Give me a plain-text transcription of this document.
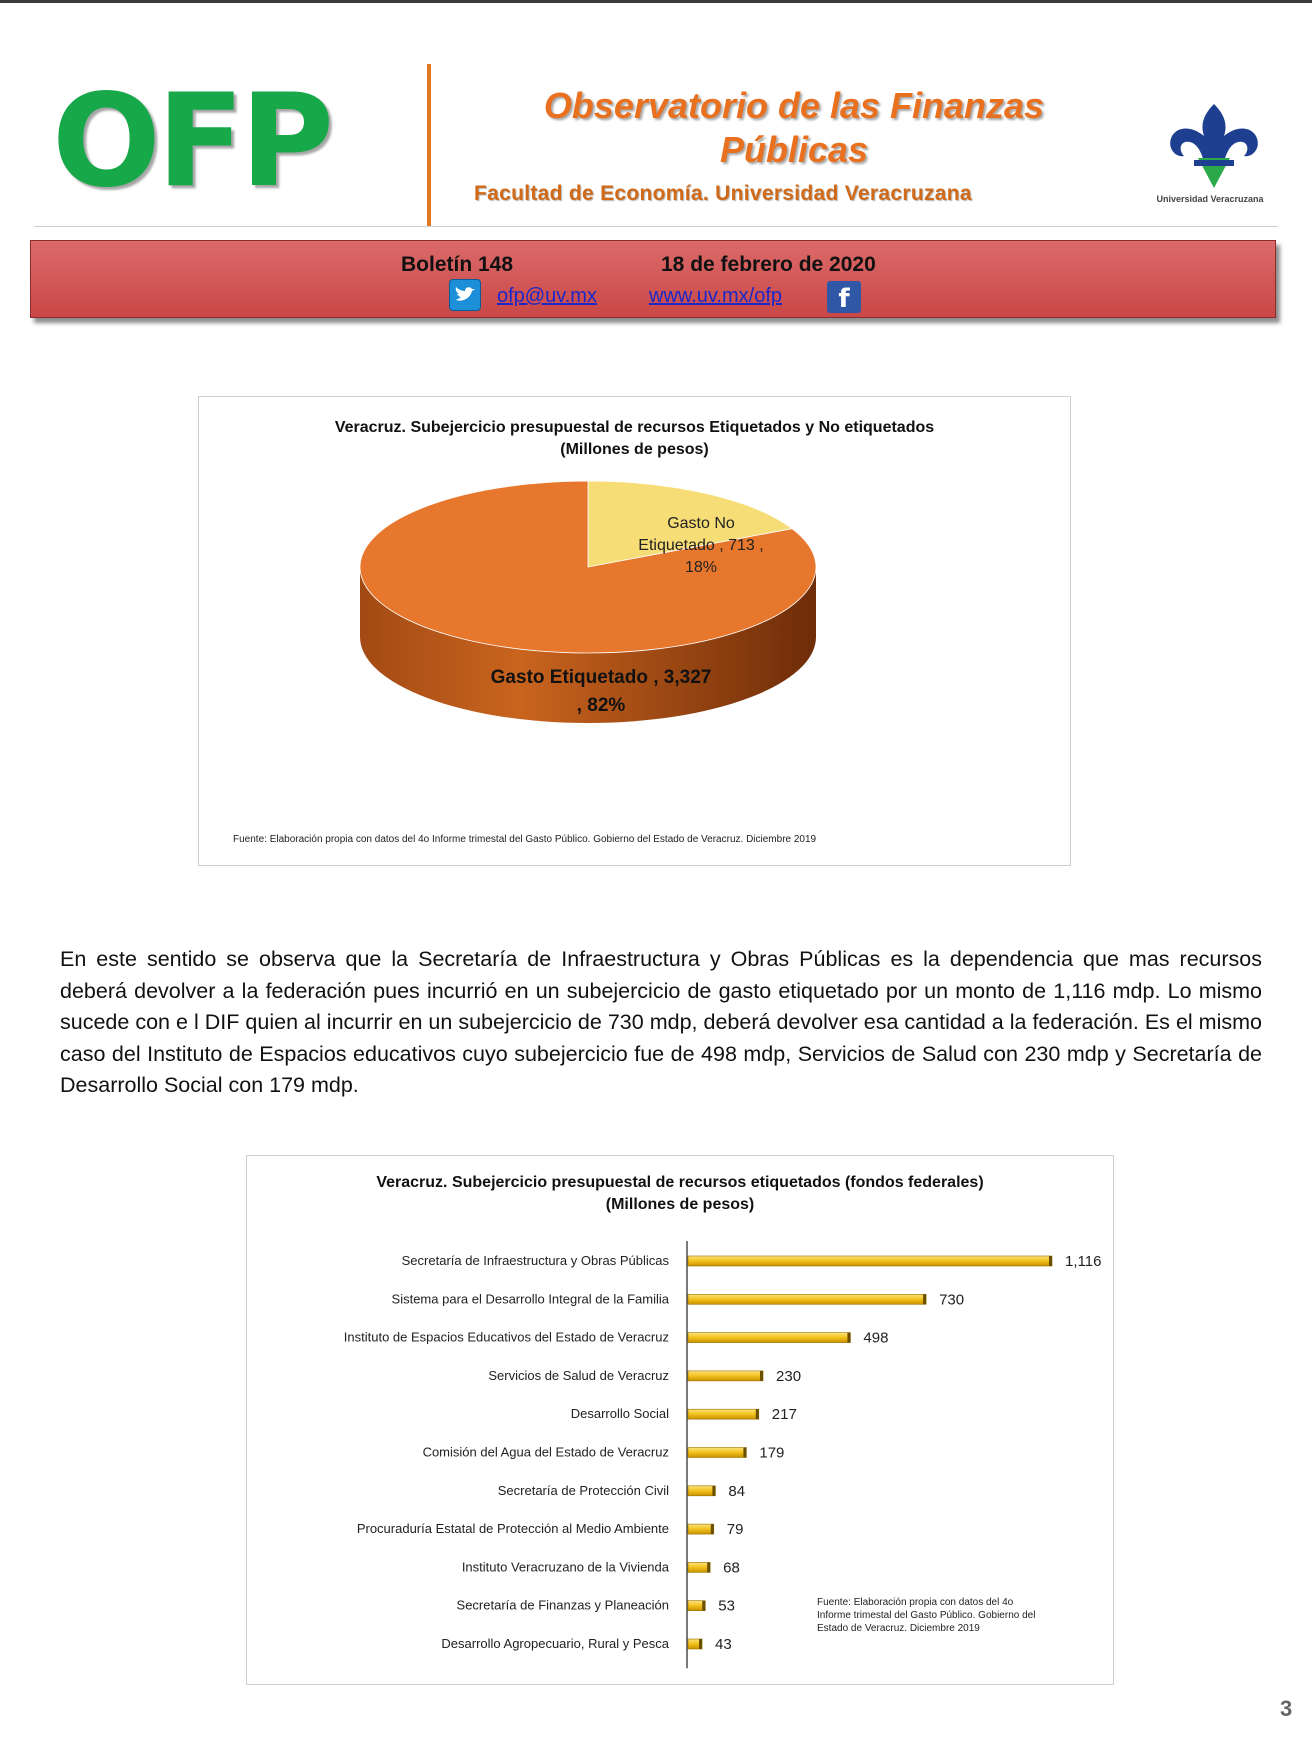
OFP	Observatorio de las Finanzas
Públicas
Facultad de Economía. Universidad Veracruzana	Universidad Veracruzana
Boletín 148	18 de febrero de 2020
ofp@uv.mx	www.uv.mx/ofp	f
Veracruz. Subejercicio presupuestal de recursos Etiquetados y No etiquetados
(Millones de pesos)
Gasto No
Etiquetado , 713 ,
18%
Gasto Etiquetado , 3,327
, 82%
Fuente: Elaboración propia con datos del 4o Informe trimestal del Gasto Público. Gobierno del Estado de Veracruz. Diciembre 2019
En este sentido se observa que la Secretaría de Infraestructura y Obras Públicas es la dependencia que mas recursos deberá devolver a la federación pues incurrió en un subejercicio de gasto etiquetado por un monto de 1,116 mdp. Lo mismo sucede con e l DIF quien al incurrir en un subejercicio de 730 mdp, deberá devolver esa cantidad a la federación. Es el mismo caso del Instituto de Espacios educativos cuyo subejercicio fue de 498 mdp, Servicios de Salud con 230 mdp y Secretaría de Desarrollo Social con 179 mdp.
Veracruz. Subejercicio presupuestal de recursos etiquetados (fondos federales)
(Millones de pesos)
Secretaría de Infraestructura y Obras Públicas	1,116
Sistema para el Desarrollo Integral de la Familia	730
Instituto de Espacios Educativos del Estado de Veracruz	498
Servicios de Salud de Veracruz	230
Desarrollo Social	217
Comisión del Agua del Estado de Veracruz	179
Secretaría de Protección Civil	84
Procuraduría Estatal de Protección al Medio Ambiente	79
Instituto Veracruzano de la Vivienda	68
Secretaría de Finanzas y Planeación	53
Desarrollo Agropecuario, Rural y Pesca	43
Fuente: Elaboración propia con datos del 4o
Informe trimestal del Gasto Público. Gobierno del
Estado de Veracruz. Diciembre 2019
3
